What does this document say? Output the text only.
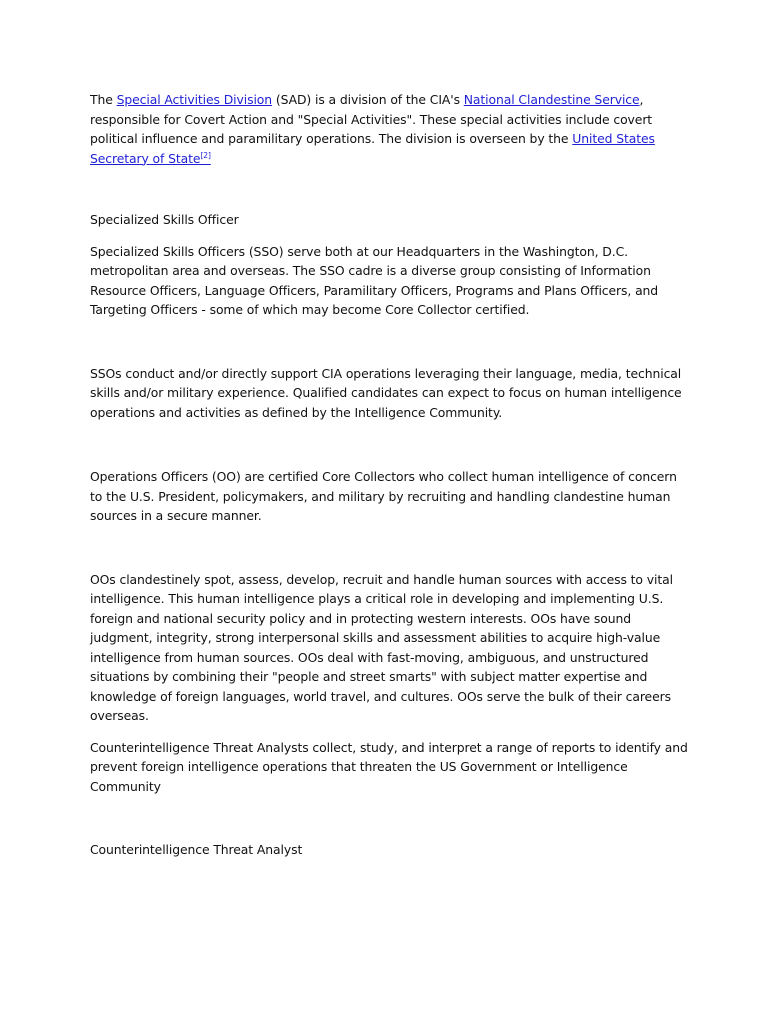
The Special Activities Division (SAD) is a division of the CIA's National Clandestine Service, responsible for Covert Action and "Special Activities". These special activities include covert political influence and paramilitary operations. The division is overseen by the United States Secretary of State[2]

Specialized Skills Officer

Specialized Skills Officers (SSO) serve both at our Headquarters in the Washington, D.C. metropolitan area and overseas. The SSO cadre is a diverse group consisting of Information Resource Officers, Language Officers, Paramilitary Officers, Programs and Plans Officers, and Targeting Officers - some of which may become Core Collector certified.

SSOs conduct and/or directly support CIA operations leveraging their language, media, technical skills and/or military experience. Qualified candidates can expect to focus on human intelligence operations and activities as defined by the Intelligence Community.

Operations Officers (OO) are certified Core Collectors who collect human intelligence of concern to the U.S. President, policymakers, and military by recruiting and handling clandestine human sources in a secure manner.

OOs clandestinely spot, assess, develop, recruit and handle human sources with access to vital intelligence. This human intelligence plays a critical role in developing and implementing U.S. foreign and national security policy and in protecting western interests. OOs have sound judgment, integrity, strong interpersonal skills and assessment abilities to acquire high-value intelligence from human sources. OOs deal with fast-moving, ambiguous, and unstructured situations by combining their "people and street smarts" with subject matter expertise and knowledge of foreign languages, world travel, and cultures. OOs serve the bulk of their careers overseas.

Counterintelligence Threat Analysts collect, study, and interpret a range of reports to identify and prevent foreign intelligence operations that threaten the US Government or Intelligence Community

Counterintelligence Threat Analyst
